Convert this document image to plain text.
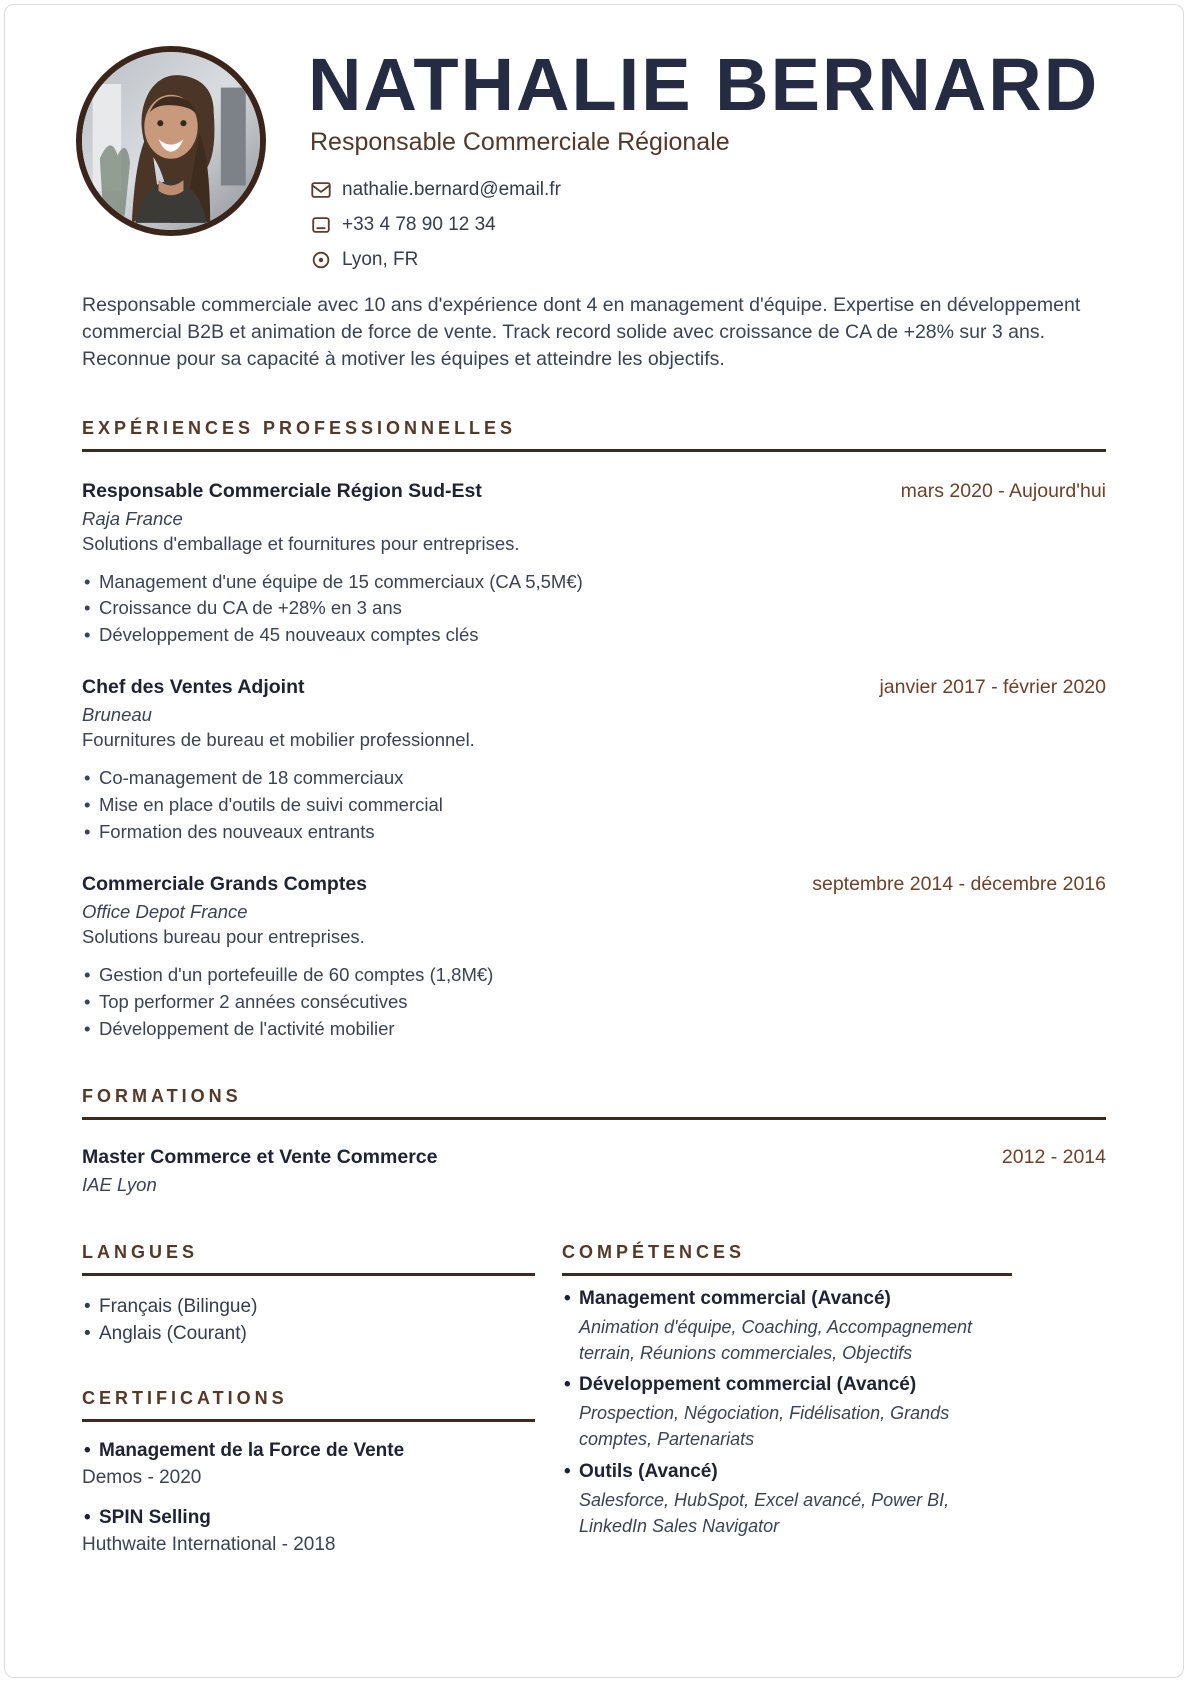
NATHALIE BERNARD
Responsable Commerciale Régionale
nathalie.bernard@email.fr
+33 4 78 90 12 34
Lyon, FR

Responsable commerciale avec 10 ans d'expérience dont 4 en management d'équipe. Expertise en développement commercial B2B et animation de force de vente. Track record solide avec croissance de CA de +28% sur 3 ans. Reconnue pour sa capacité à motiver les équipes et atteindre les objectifs.

EXPÉRIENCES PROFESSIONNELLES
Responsable Commerciale Région Sud-Est	mars 2020 - Aujourd'hui
Raja France
Solutions d'emballage et fournitures pour entreprises.
• Management d'une équipe de 15 commerciaux (CA 5,5M€)
• Croissance du CA de +28% en 3 ans
• Développement de 45 nouveaux comptes clés
Chef des Ventes Adjoint	janvier 2017 - février 2020
Bruneau
Fournitures de bureau et mobilier professionnel.
• Co-management de 18 commerciaux
• Mise en place d'outils de suivi commercial
• Formation des nouveaux entrants
Commerciale Grands Comptes	septembre 2014 - décembre 2016
Office Depot France
Solutions bureau pour entreprises.
• Gestion d'un portefeuille de 60 comptes (1,8M€)
• Top performer 2 années consécutives
• Développement de l'activité mobilier
FORMATIONS
Master Commerce et Vente Commerce	2012 - 2014
IAE Lyon
LANGUES
• Français (Bilingue)
• Anglais (Courant)
CERTIFICATIONS
• Management de la Force de Vente
Demos - 2020
• SPIN Selling
Huthwaite International - 2018
COMPÉTENCES
• Management commercial (Avancé)
Animation d'équipe, Coaching, Accompagnement terrain, Réunions commerciales, Objectifs
• Développement commercial (Avancé)
Prospection, Négociation, Fidélisation, Grands comptes, Partenariats
• Outils (Avancé)
Salesforce, HubSpot, Excel avancé, Power BI, LinkedIn Sales Navigator
